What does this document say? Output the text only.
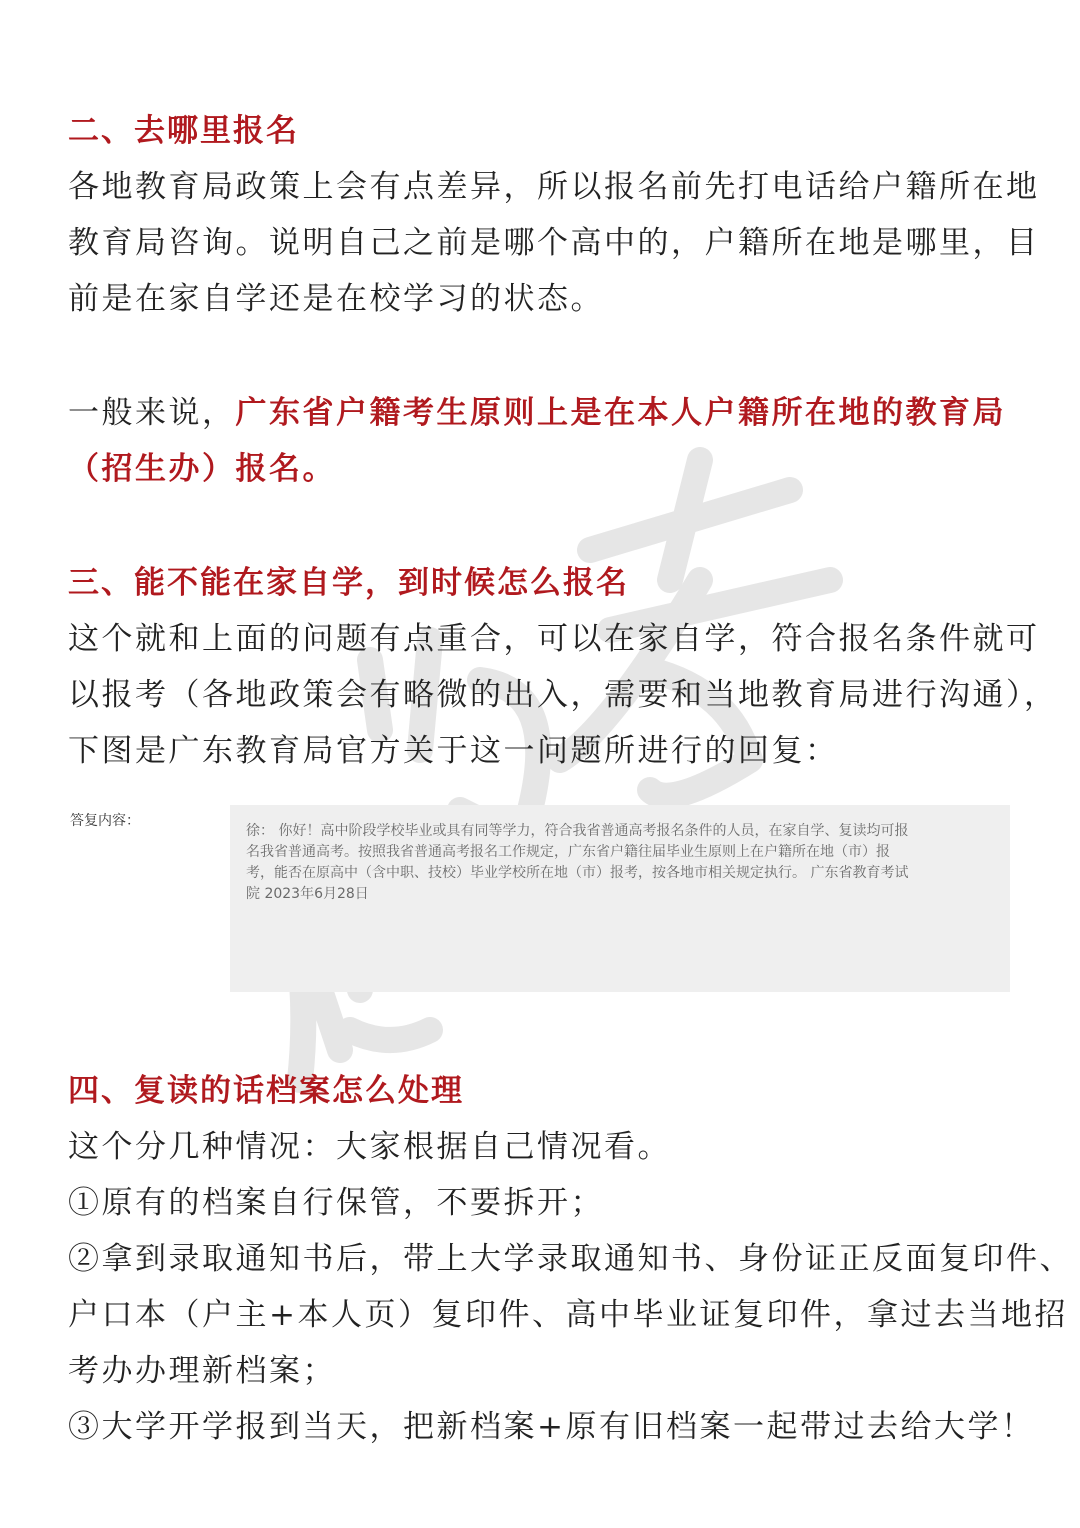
二、去哪里报名
各地教育局政策上会有点差异，所以报名前先打电话给户籍所在地
教育局咨询。说明自己之前是哪个高中的，户籍所在地是哪里，目
前是在家自学还是在校学习的状态。
一般来说，广东省户籍考生原则上是在本人户籍所在地的教育局
（招生办）报名。
三、能不能在家自学，到时候怎么报名
这个就和上面的问题有点重合，可以在家自学，符合报名条件就可
以报考（各地政策会有略微的出入，需要和当地教育局进行沟通），
下图是广东教育局官方关于这一问题所进行的回复：
答复内容：
徐： 你好！高中阶段学校毕业或具有同等学力，符合我省普通高考报名条件的人员，在家自学、复读均可报
名我省普通高考。按照我省普通高考报名工作规定，广东省户籍往届毕业生原则上在户籍所在地（市）报
考，能否在原高中（含中职、技校）毕业学校所在地（市）报考，按各地市相关规定执行。 广东省教育考试
院 2023年6月28日
四、复读的话档案怎么处理
这个分几种情况：大家根据自己情况看。
①原有的档案自行保管，不要拆开；
②拿到录取通知书后，带上大学录取通知书、身份证正反面复印件、
户口本（户主+本人页）复印件、高中毕业证复印件，拿过去当地招
考办办理新档案；
③大学开学报到当天，把新档案+原有旧档案一起带过去给大学！
